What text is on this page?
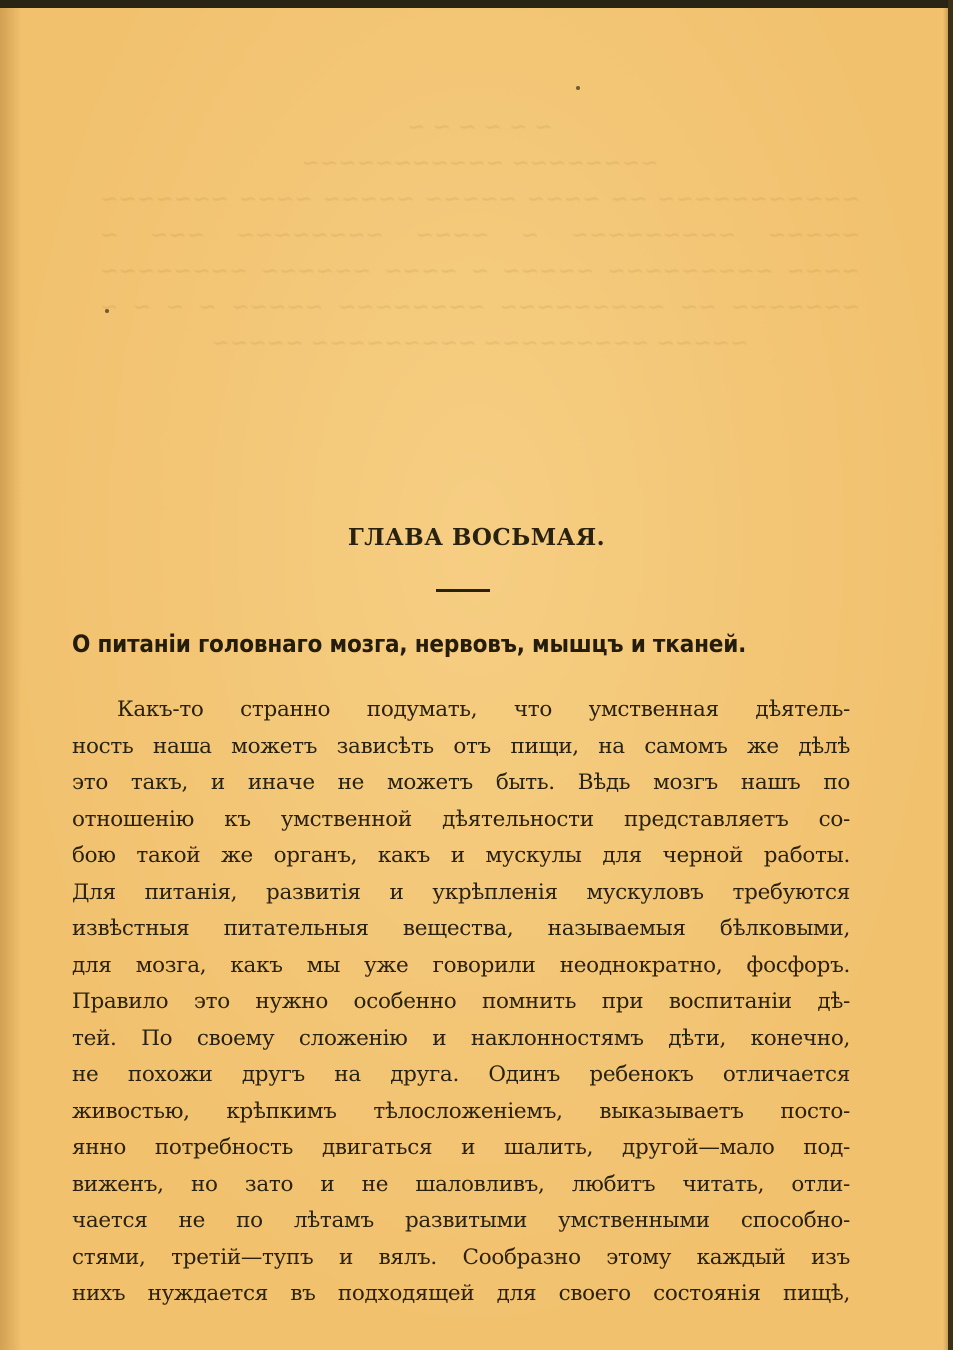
∼ ∼ ∼ ∼ ∼ ∼

∼∼∼∼∼∼∼∼ ∼∼∼∼∼∼∼∼∼∼∼

∼∼∼∼∼∼∼∼∼∼∼ ∼∼ ∼∼∼∼ ∼∼∼∼∼ ∼∼∼∼∼ ∼∼∼∼ ∼∼∼∼∼∼∼

∼∼∼∼∼ ∼∼∼∼∼∼∼∼∼ ∼ ∼∼∼∼ ∼∼∼∼∼∼∼∼ ∼∼∼ ∼

∼∼∼∼ ∼∼∼∼∼∼∼∼∼ ∼∼∼∼∼ ∼ ∼∼∼∼ ∼∼∼∼∼∼ ∼∼∼∼∼∼∼∼

∼∼∼∼∼∼∼ ∼∼ ∼∼∼∼∼∼∼∼∼ ∼∼∼∼∼∼∼∼ ∼∼∼∼∼ ∼ ∼ ∼ ∼

∼∼∼∼∼ ∼∼∼∼∼∼∼∼∼ ∼∼∼∼∼∼∼∼∼ ∼∼∼∼∼

ГЛАВА ВОСЬМАЯ.
О питанiи головнаго мозга, нервовъ, мышцъ и тканей.
Какъ-то странно подумать, что умственная дѣятель-
ность наша можетъ зависѣть отъ пищи, на самомъ же дѣлѣ
это такъ, и иначе не можетъ быть. Вѣдь мозгъ нашъ по
отношенiю къ умственной дѣятельности представляетъ со-
бою такой же органъ, какъ и мускулы для черной работы.
Для питанiя, развитiя и укрѣпленiя мускуловъ требуются
извѣстныя питательныя вещества, называемыя бѣлковыми,
для мозга, какъ мы уже говорили неоднократно, фосфоръ.
Правило это нужно особенно помнить при воспитанiи дѣ-
тей. По своему сложенiю и наклонностямъ дѣти, конечно,
не похожи другъ на друга. Одинъ ребенокъ отличается
живостью, крѣпкимъ тѣлосложенiемъ, выказываетъ посто-
янно потребность двигаться и шалить, другой—мало под-
виженъ, но зато и не шаловливъ, любитъ читать, отли-
чается не по лѣтамъ развитыми умственными способно-
стями, третiй—тупъ и вялъ. Сообразно этому каждый изъ
нихъ нуждается въ подходящей для своего состоянiя пищѣ,
